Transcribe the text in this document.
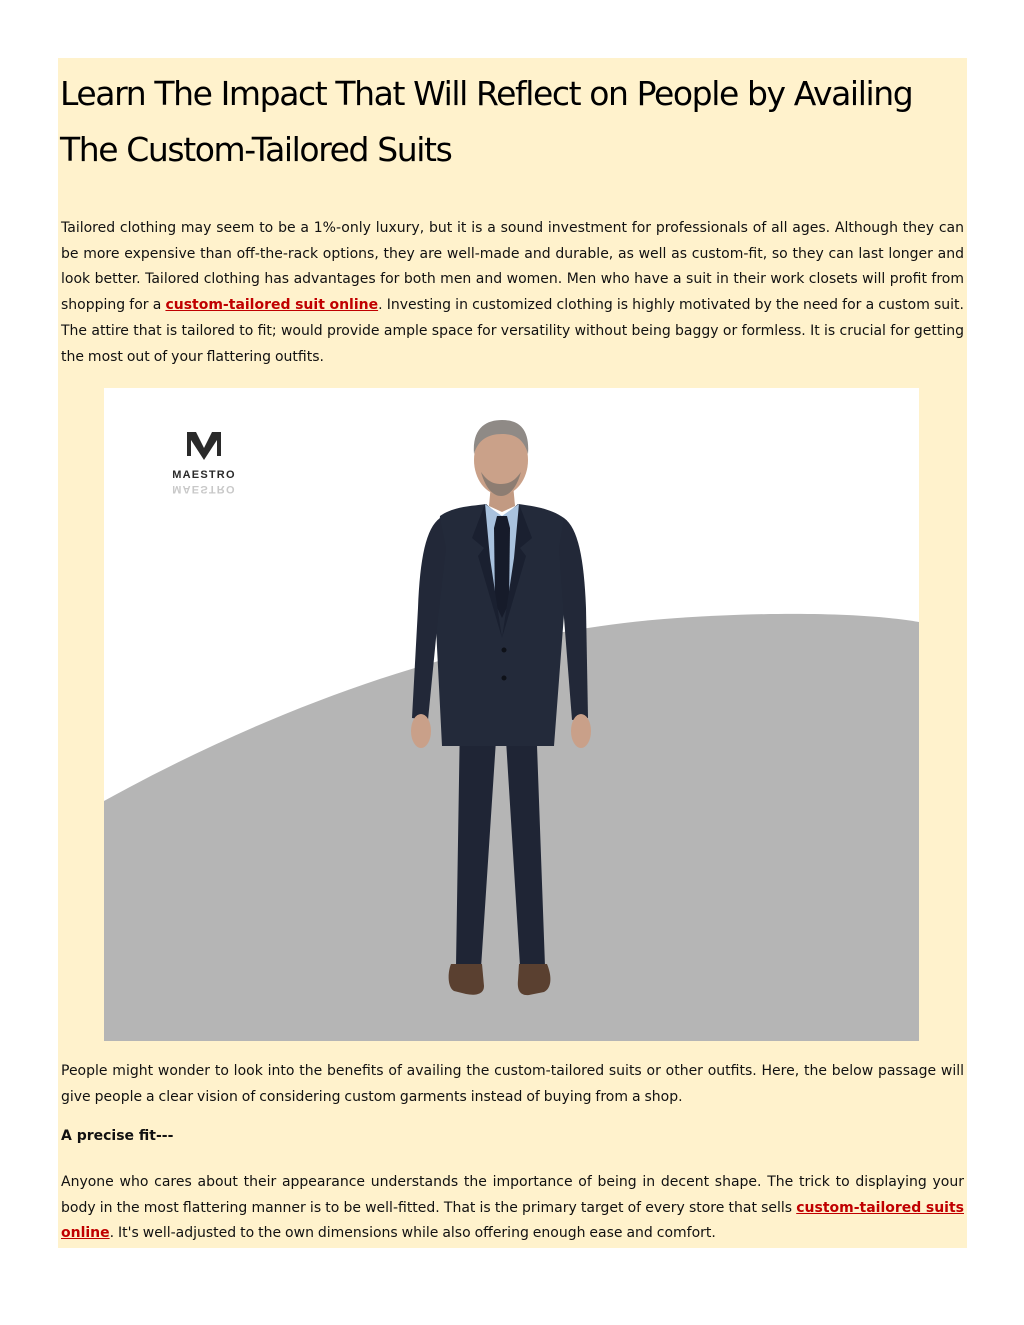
Learn The Impact That Will Reflect on People by Availing The Custom-Tailored Suits

Tailored clothing may seem to be a 1%-only luxury, but it is a sound investment for professionals of all ages. Although they can be more expensive than off-the-rack options, they are well-made and durable, as well as custom-fit, so they can last longer and look better. Tailored clothing has advantages for both men and women. Men who have a suit in their work closets will profit from shopping for a custom-tailored suit online. Investing in customized clothing is highly motivated by the need for a custom suit. The attire that is tailored to fit; would provide ample space for versatility without being baggy or formless. It is crucial for getting the most out of your flattering outfits.

MAESTRO
MAESTRO

People might wonder to look into the benefits of availing the custom-tailored suits or other outfits. Here, the below passage will give people a clear vision of considering custom garments instead of buying from a shop.

A precise fit---

Anyone who cares about their appearance understands the importance of being in decent shape. The trick to displaying your body in the most flattering manner is to be well-fitted. That is the primary target of every store that sells custom-tailored suits online. It's well-adjusted to the own dimensions while also offering enough ease and comfort.
